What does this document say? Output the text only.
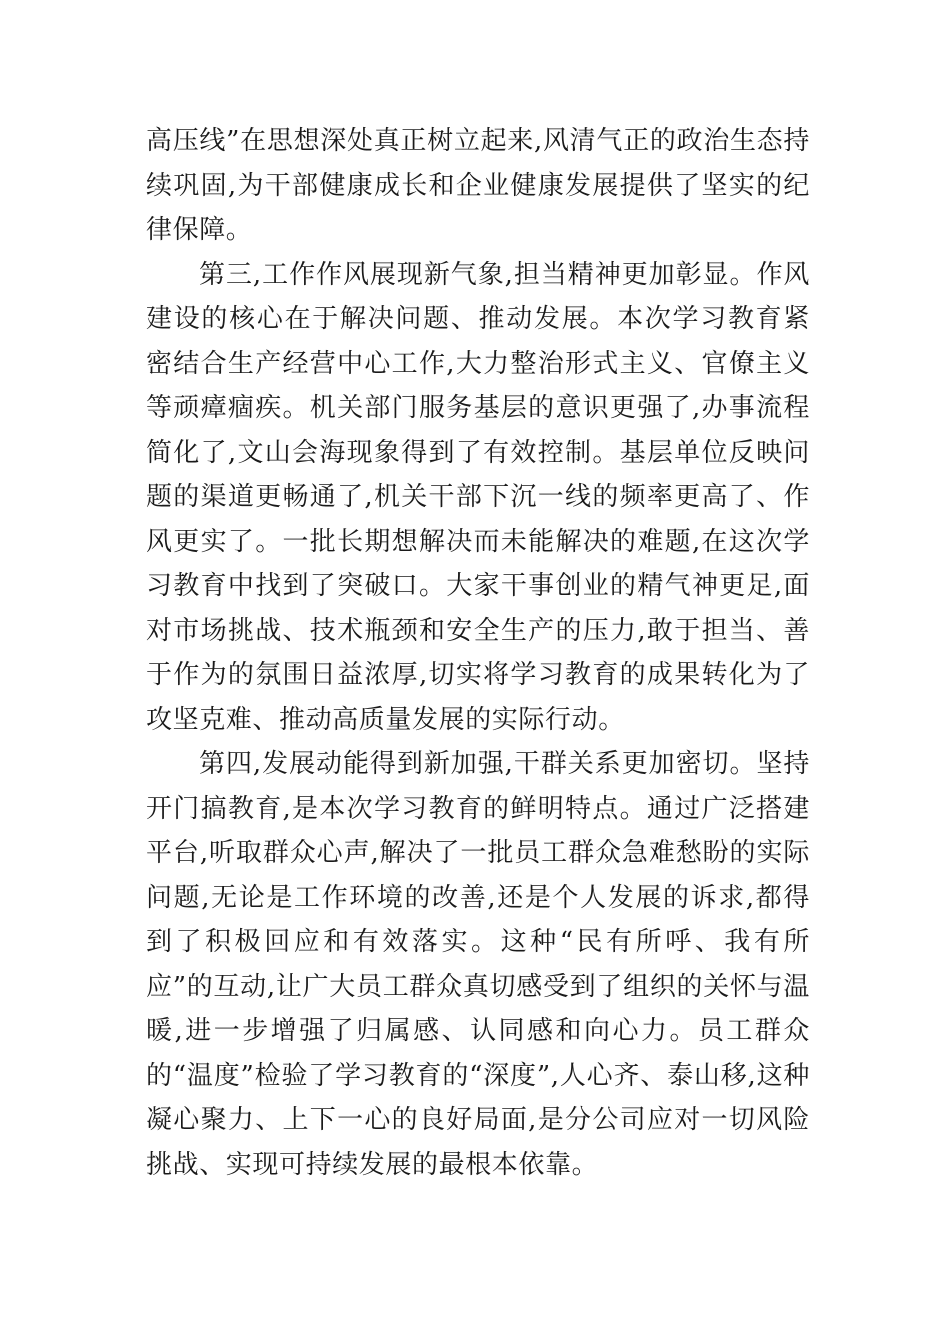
高压线”在思想深处真正树立起来,风清气正的政治生态持续巩固,为干部健康成长和企业健康发展提供了坚实的纪律保障。

第三,工作作风展现新气象,担当精神更加彰显。作风建设的核心在于解决问题、推动发展。本次学习教育紧密结合生产经营中心工作,大力整治形式主义、官僚主义等顽瘴痼疾。机关部门服务基层的意识更强了,办事流程简化了,文山会海现象得到了有效控制。基层单位反映问题的渠道更畅通了,机关干部下沉一线的频率更高了、作风更实了。一批长期想解决而未能解决的难题,在这次学习教育中找到了突破口。大家干事创业的精气神更足,面对市场挑战、技术瓶颈和安全生产的压力,敢于担当、善于作为的氛围日益浓厚,切实将学习教育的成果转化为了攻坚克难、推动高质量发展的实际行动。

第四,发展动能得到新加强,干群关系更加密切。坚持开门搞教育,是本次学习教育的鲜明特点。通过广泛搭建平台,听取群众心声,解决了一批员工群众急难愁盼的实际问题,无论是工作环境的改善,还是个人发展的诉求,都得到了积极回应和有效落实。这种“民有所呼、我有所应”的互动,让广大员工群众真切感受到了组织的关怀与温暖,进一步增强了归属感、认同感和向心力。员工群众的“温度”检验了学习教育的“深度”,人心齐、泰山移,这种凝心聚力、上下一心的良好局面,是分公司应对一切风险挑战、实现可持续发展的最根本依靠。
